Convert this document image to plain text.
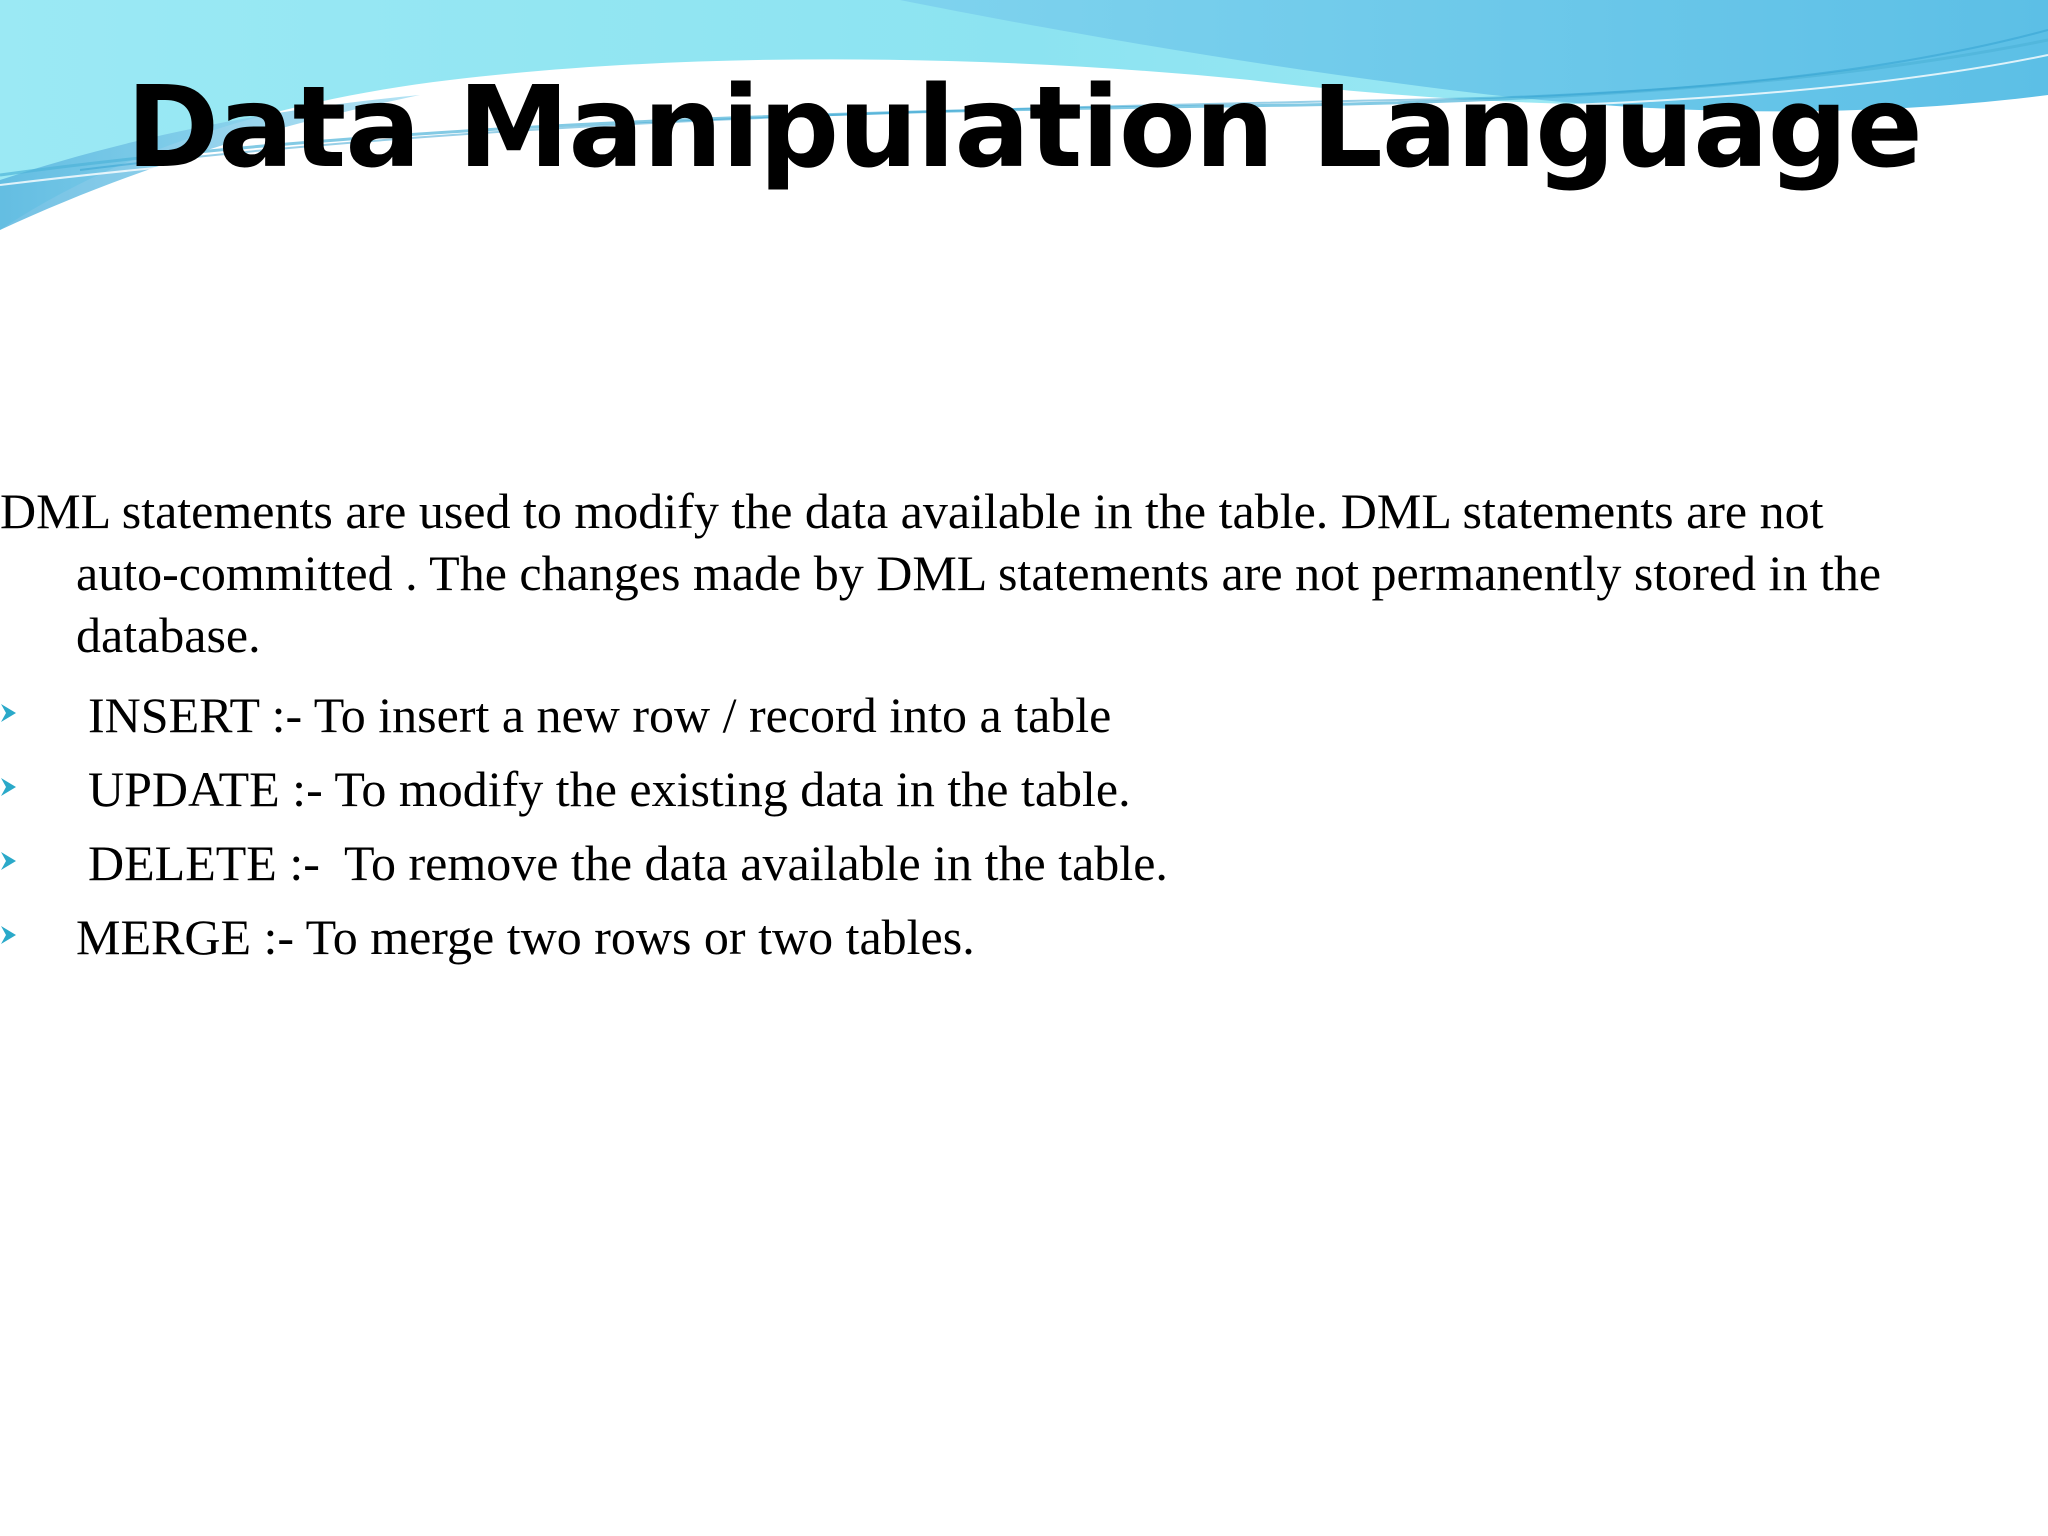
Data Manipulation Language

DML statements are used to modify the data available in the table. DML statements are not auto-committed . The changes made by DML statements are not permanently stored in the database.

INSERT :- To insert a new row / record into a table

UPDATE :- To modify the existing data in the table.

DELETE :-  To remove the data available in the table.

MERGE :- To merge two rows or two tables.
